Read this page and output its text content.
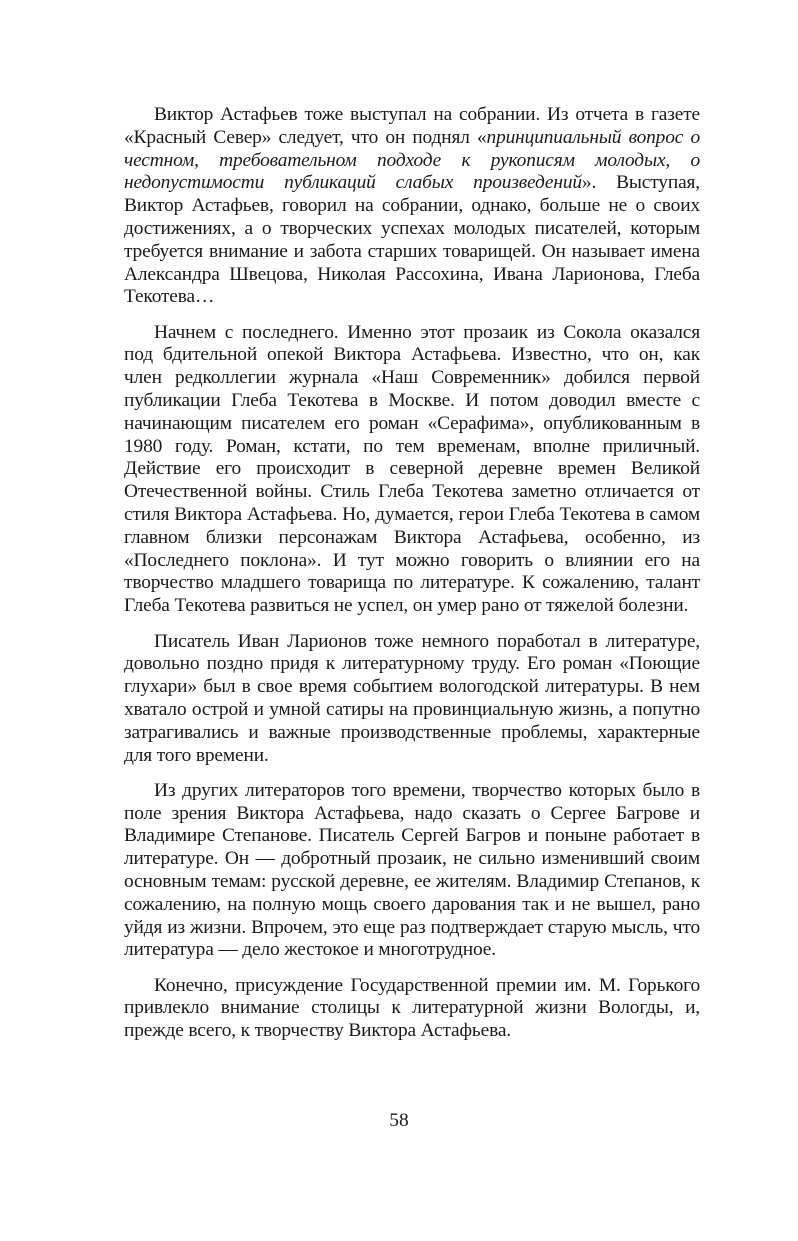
Виктор Астафьев тоже выступал на собрании. Из отчета в газете «Красный Север» следует, что он поднял «принципиальный вопрос о честном, требовательном подходе к рукописям молодых, о недопустимости публикаций слабых произведений». Выступая, Виктор Астафьев, говорил на собрании, однако, больше не о своих достижениях, а о творческих успехах молодых писателей, которым требуется внимание и забота старших товарищей. Он называет имена Александра Швецова, Николая Рассохина, Ивана Ларионова, Глеба Текотева…

Начнем с последнего. Именно этот прозаик из Сокола оказался под бдительной опекой Виктора Астафьева. Известно, что он, как член редколлегии журнала «Наш Современник» добился первой публикации Глеба Текотева в Москве. И потом доводил вместе с начинающим писателем его роман «Серафима», опубликованным в 1980 году. Роман, кстати, по тем временам, вполне приличный. Действие его происходит в северной деревне времен Великой Отечественной войны. Стиль Глеба Текотева заметно отличается от стиля Виктора Астафьева. Но, думается, герои Глеба Текотева в самом главном близки персонажам Виктора Астафьева, особенно, из «Последнего поклона». И тут можно говорить о влиянии его на творчество младшего товарища по литературе. К сожалению, талант Глеба Текотева развиться не успел, он умер рано от тяжелой болезни.

Писатель Иван Ларионов тоже немного поработал в литературе, довольно поздно придя к литературному труду. Его роман «Поющие глухари» был в свое время событием вологодской литературы. В нем хватало острой и умной сатиры на провинциальную жизнь, а попутно затрагивались и важные производственные проблемы, характерные для того времени.

Из других литераторов того времени, творчество которых было в поле зрения Виктора Астафьева, надо сказать о Сергее Багрове и Владимире Степанове. Писатель Сергей Багров и поныне работает в литературе. Он — добротный прозаик, не сильно изменивший своим основным темам: русской деревне, ее жителям. Владимир Степанов, к сожалению, на полную мощь своего дарования так и не вышел, рано уйдя из жизни. Впрочем, это еще раз подтверждает старую мысль, что литература — дело жестокое и многотрудное.

Конечно, присуждение Государственной премии им. М. Горького привлекло внимание столицы к литературной жизни Вологды, и, прежде всего, к творчеству Виктора Астафьева.

58
